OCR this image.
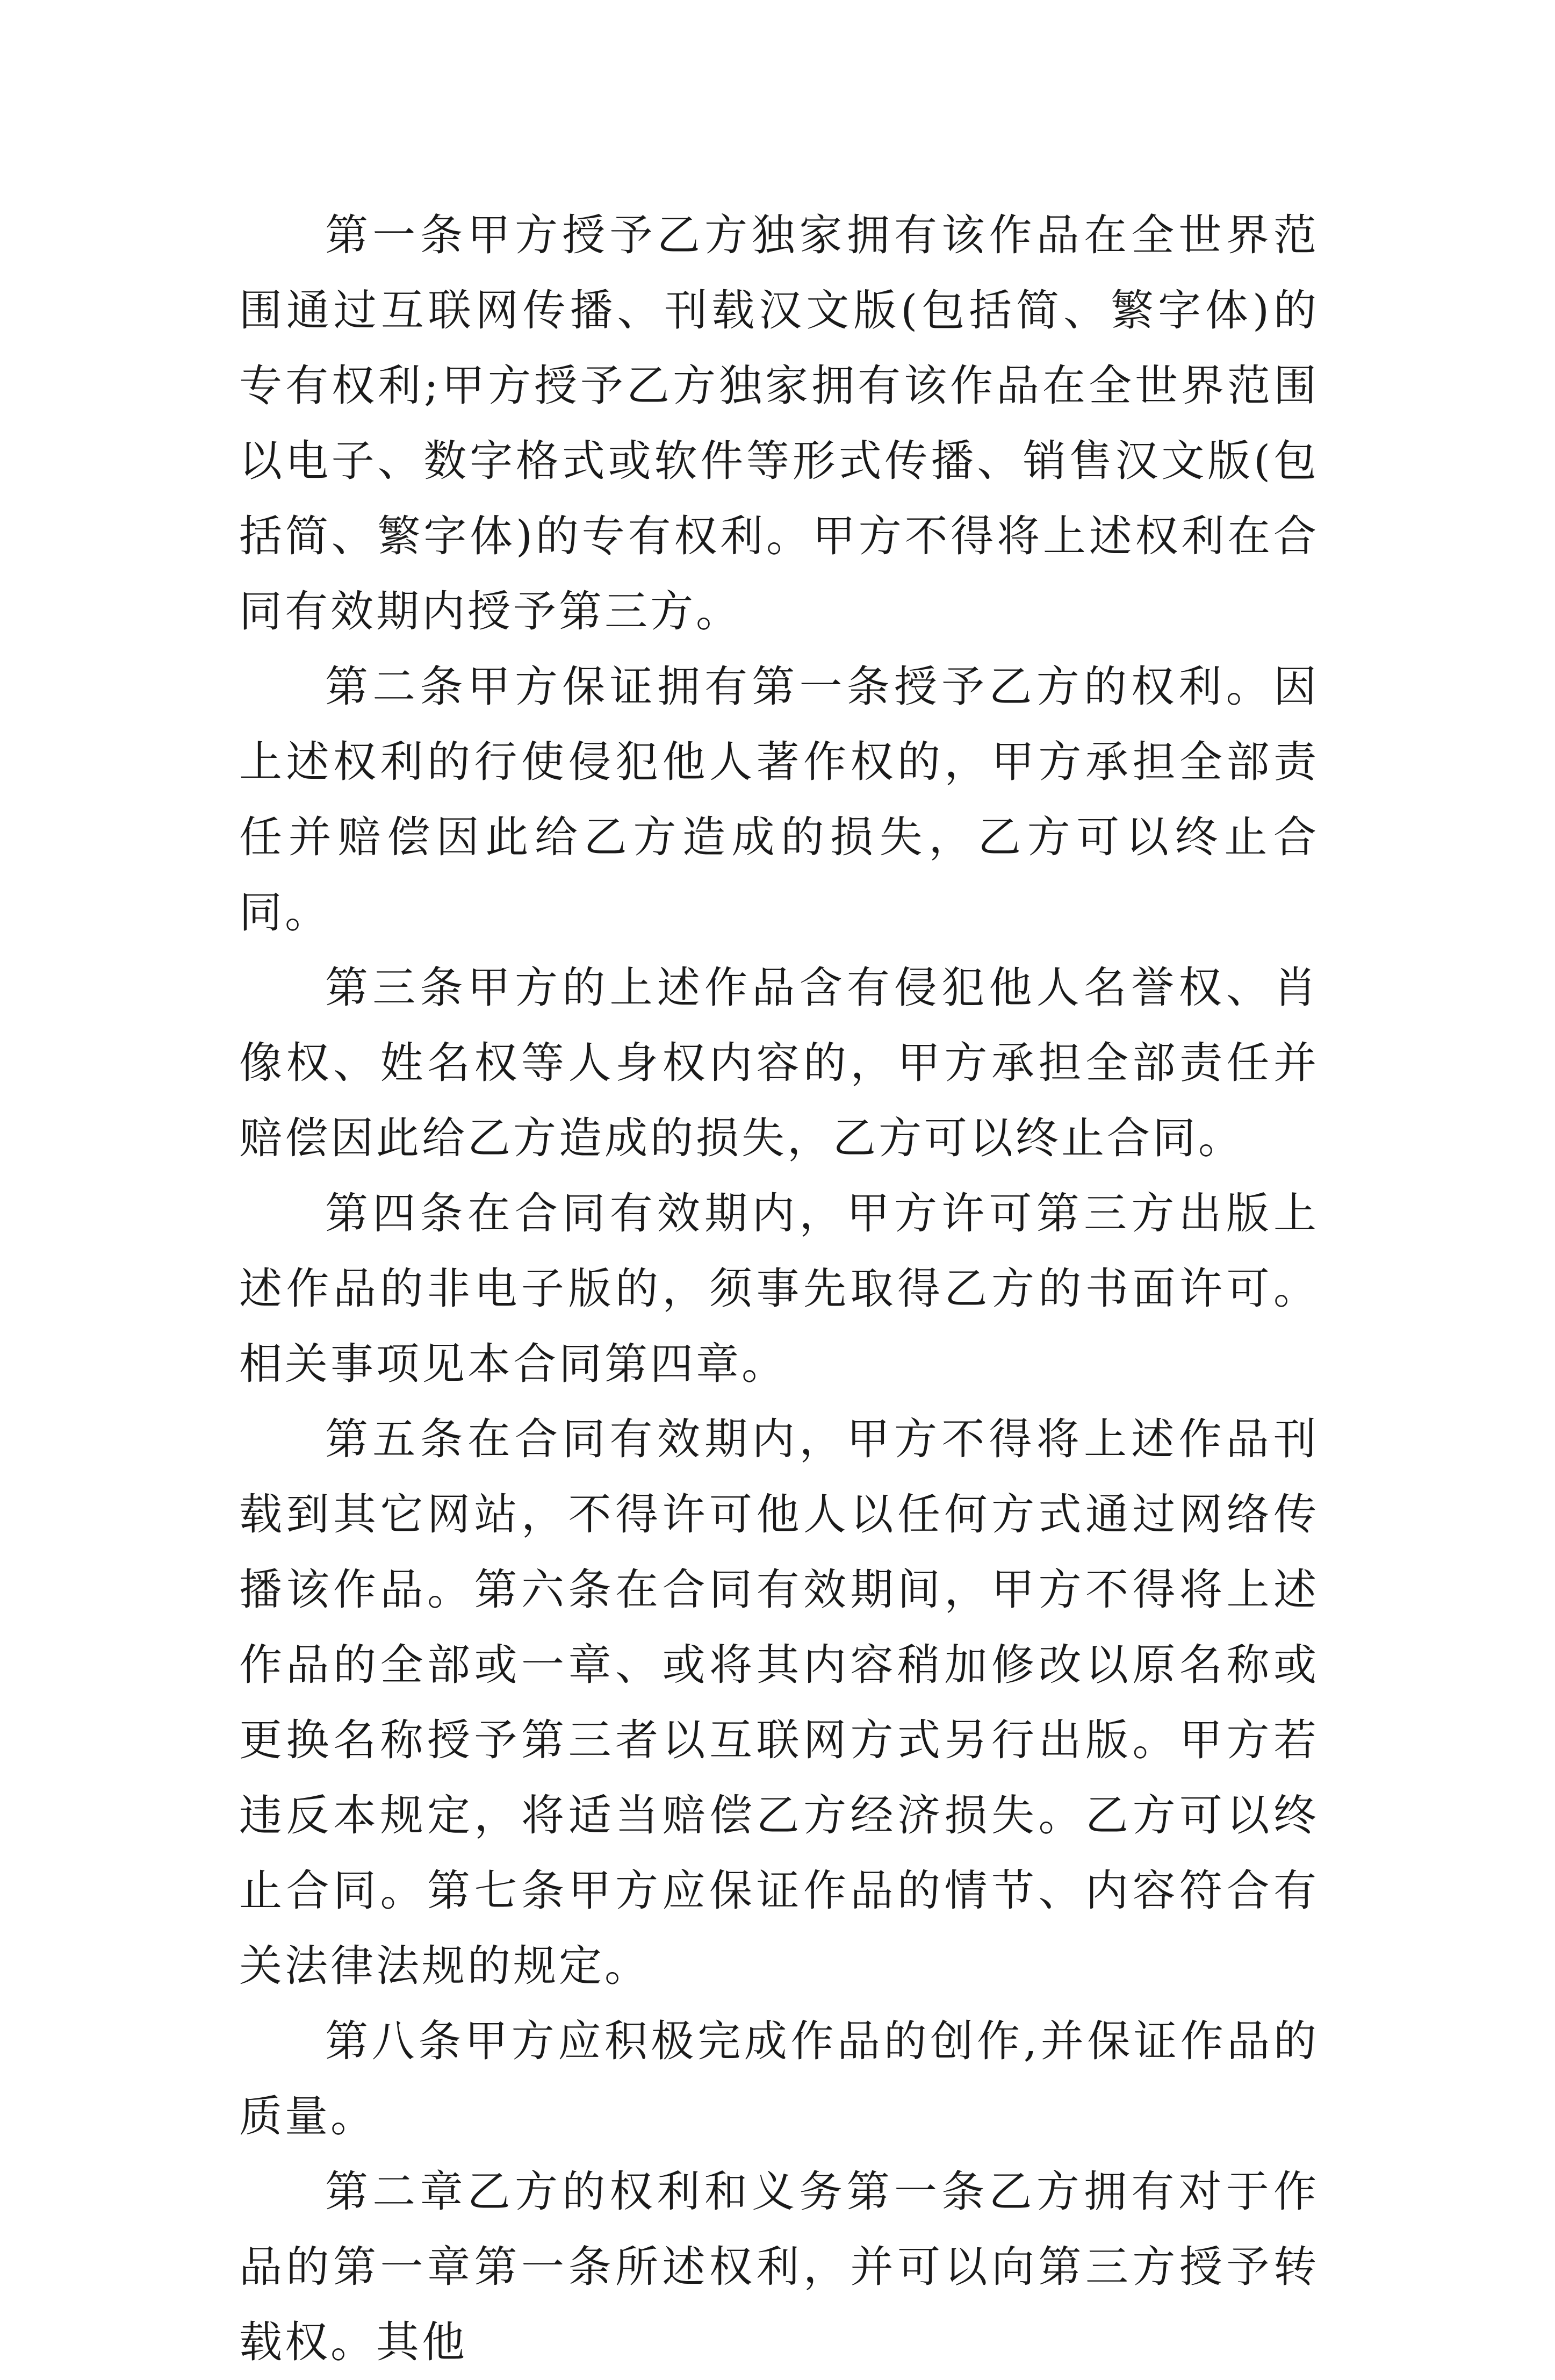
第一条甲方授予乙方独家拥有该作品在全世界范围通过互联网传播、刊载汉文版(包括简、繁字体)的专有权利;甲方授予乙方独家拥有该作品在全世界范围以电子、数字格式或软件等形式传播、销售汉文版(包括简、繁字体)的专有权利。甲方不得将上述权利在合同有效期内授予第三方。

第二条甲方保证拥有第一条授予乙方的权利。因上述权利的行使侵犯他人著作权的，甲方承担全部责任并赔偿因此给乙方造成的损失，乙方可以终止合同。

第三条甲方的上述作品含有侵犯他人名誉权、肖像权、姓名权等人身权内容的，甲方承担全部责任并赔偿因此给乙方造成的损失，乙方可以终止合同。

第四条在合同有效期内，甲方许可第三方出版上述作品的非电子版的，须事先取得乙方的书面许可。相关事项见本合同第四章。

第五条在合同有效期内，甲方不得将上述作品刊载到其它网站，不得许可他人以任何方式通过网络传播该作品。第六条在合同有效期间，甲方不得将上述作品的全部或一章、或将其内容稍加修改以原名称或更换名称授予第三者以互联网方式另行出版。甲方若违反本规定，将适当赔偿乙方经济损失。乙方可以终止合同。第七条甲方应保证作品的情节、内容符合有关法律法规的规定。

第八条甲方应积极完成作品的创作,并保证作品的质量。

第二章乙方的权利和义务第一条乙方拥有对于作品的第一章第一条所述权利，并可以向第三方授予转载权。其他
